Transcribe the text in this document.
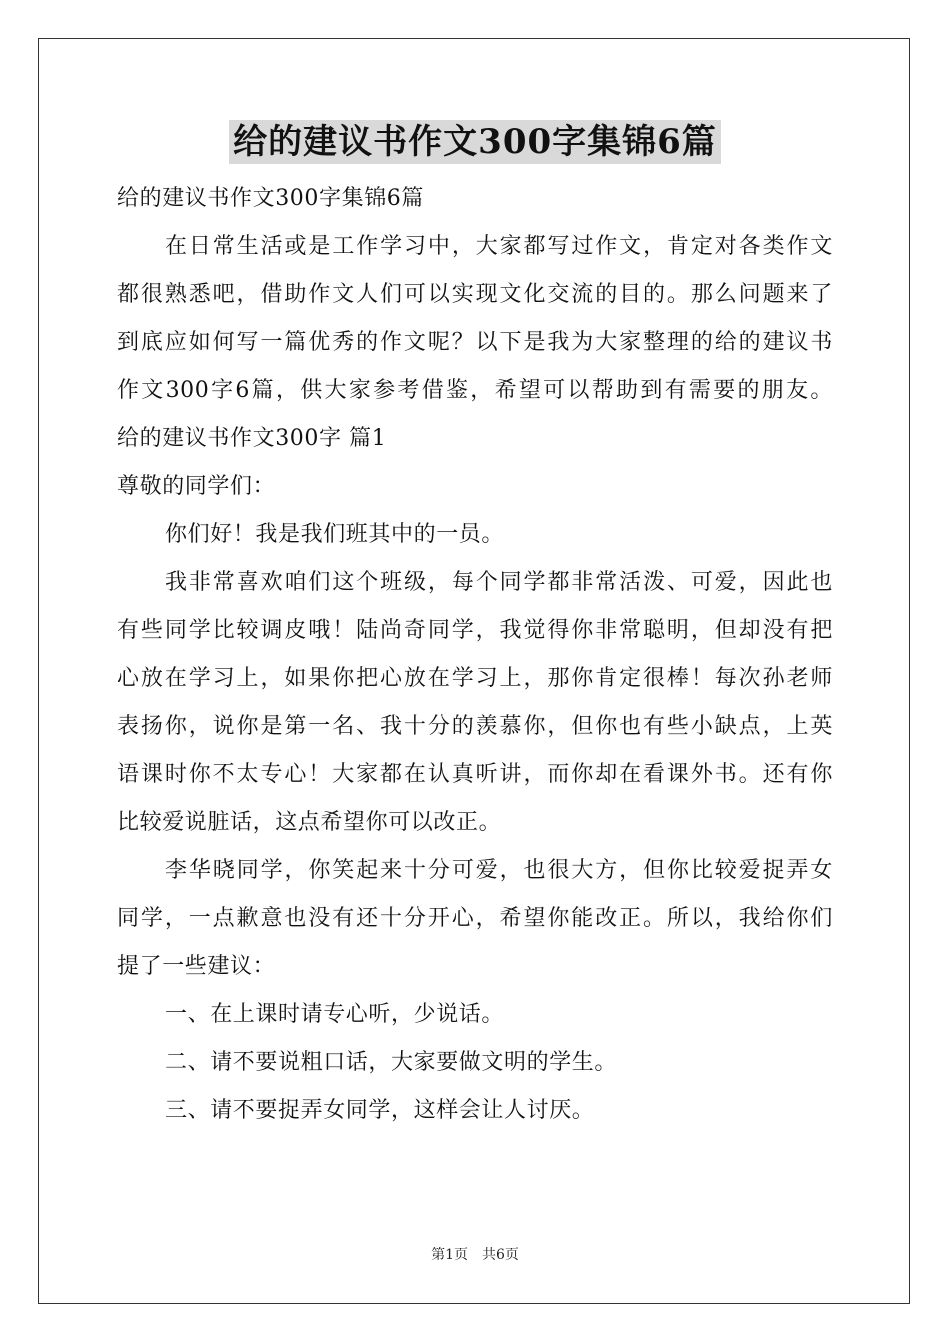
给的建议书作文300字集锦6篇
给的建议书作文300字集锦6篇
在日常生活或是工作学习中，大家都写过作文，肯定对各类作文
都很熟悉吧，借助作文人们可以实现文化交流的目的。那么问题来了
到底应如何写一篇优秀的作文呢？以下是我为大家整理的给的建议书
作文300字6篇，供大家参考借鉴，希望可以帮助到有需要的朋友。
给的建议书作文300字 篇1
尊敬的同学们：
你们好！我是我们班其中的一员。
我非常喜欢咱们这个班级，每个同学都非常活泼、可爱，因此也
有些同学比较调皮哦！陆尚奇同学，我觉得你非常聪明，但却没有把
心放在学习上，如果你把心放在学习上，那你肯定很棒！每次孙老师
表扬你，说你是第一名、我十分的羡慕你，但你也有些小缺点，上英
语课时你不太专心！大家都在认真听讲，而你却在看课外书。还有你
比较爱说脏话，这点希望你可以改正。
李华晓同学，你笑起来十分可爱，也很大方，但你比较爱捉弄女
同学，一点歉意也没有还十分开心，希望你能改正。所以，我给你们
提了一些建议：
一、在上课时请专心听，少说话。
二、请不要说粗口话，大家要做文明的学生。
三、请不要捉弄女同学，这样会让人讨厌。
第1页 共6页
